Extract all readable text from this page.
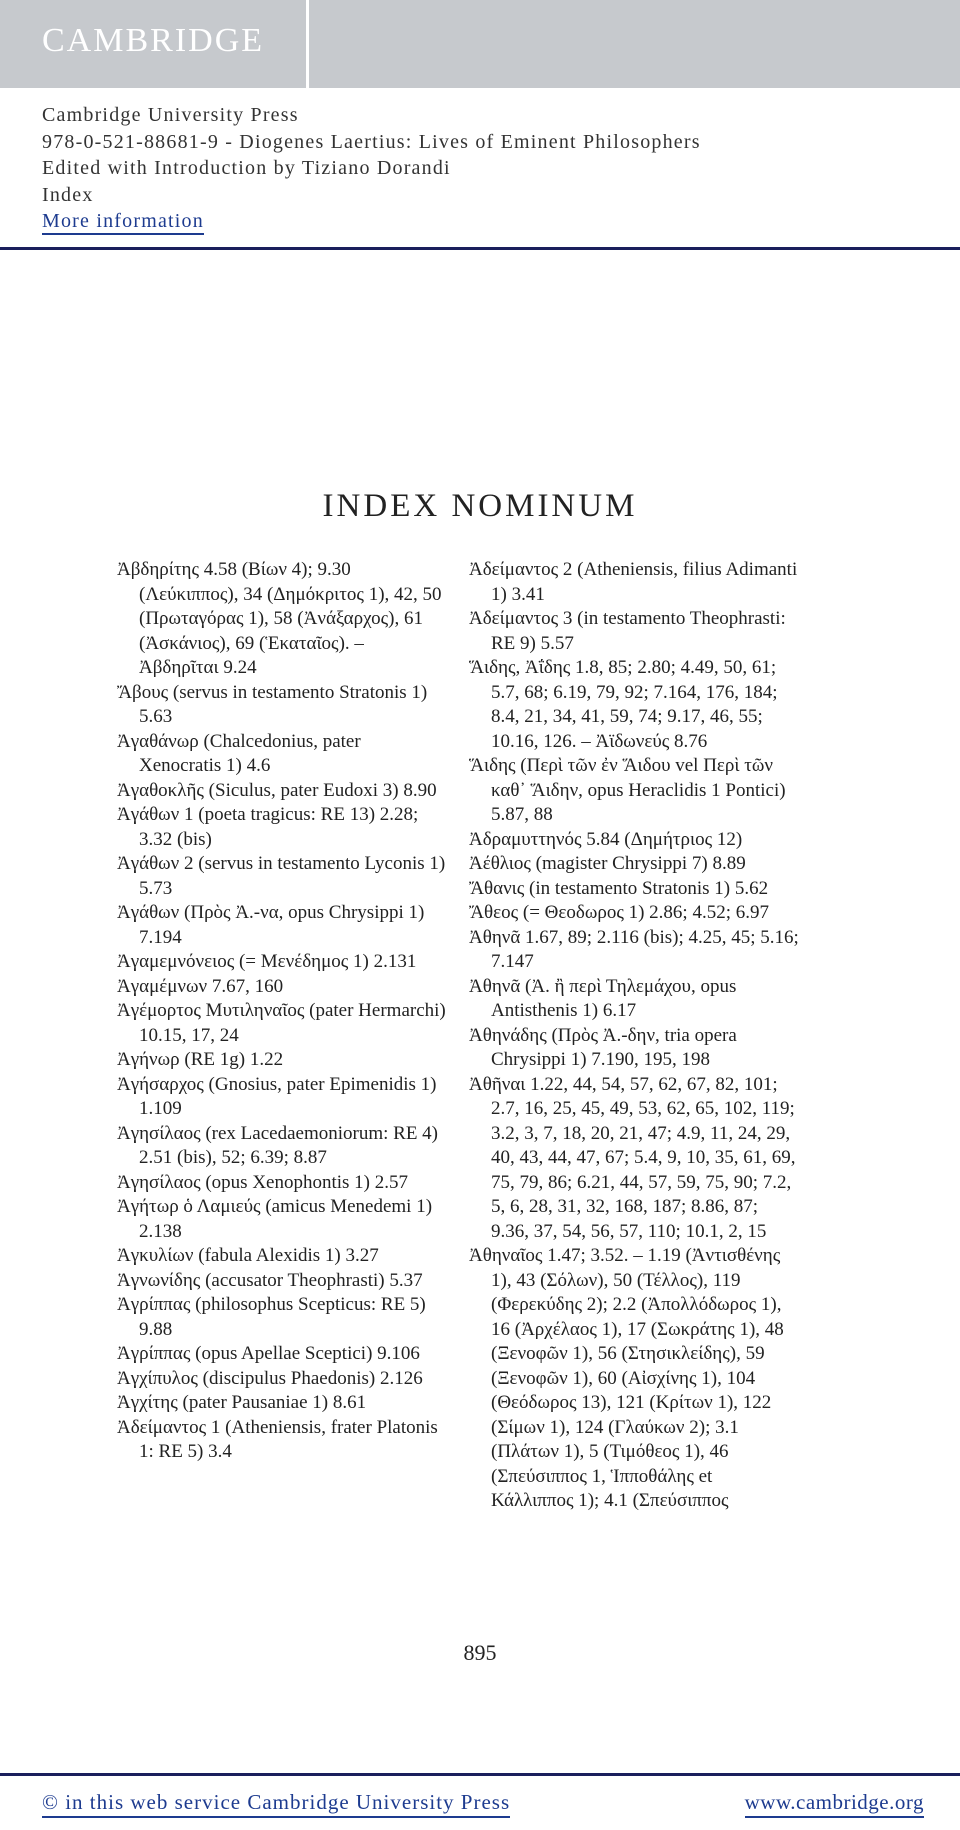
CAMBRIDGE
Cambridge University Press
978-0-521-88681-9 - Diogenes Laertius: Lives of Eminent Philosophers
Edited with Introduction by Tiziano Dorandi
Index
More information
INDEX NOMINUM
Ἀβδηρίτης 4.58 (Βίων 4); 9.30 (Λεύκιππος), 34 (Δημόκριτος 1), 42, 50 (Πρωταγόρας 1), 58 (Ἀνάξαρχος), 61 (Ἀσκάνιος), 69 (Ἑκαταῖος). – Ἀβδηρῖται 9.24
Ἄβους (servus in testamento Stratonis 1) 5.63
Ἀγαθάνωρ (Chalcedonius, pater Xenocratis 1) 4.6
Ἀγαθοκλῆς (Siculus, pater Eudoxi 3) 8.90
Ἀγάθων 1 (poeta tragicus: RE 13) 2.28; 3.32 (bis)
Ἀγάθων 2 (servus in testamento Lyconis 1) 5.73
Ἀγάθων (Πρὸς Ἀ.-να, opus Chrysippi 1) 7.194
Ἀγαμεμνόνειος (= Μενέδημος 1) 2.131
Ἀγαμέμνων 7.67, 160
Ἀγέμορτος Μυτιληναῖος (pater Hermarchi) 10.15, 17, 24
Ἀγήνωρ (RE 1g) 1.22
Ἀγήσαρχος (Gnosius, pater Epimenidis 1) 1.109
Ἀγησίλαος (rex Lacedaemoniorum: RE 4) 2.51 (bis), 52; 6.39; 8.87
Ἀγησίλαος (opus Xenophontis 1) 2.57
Ἀγήτωρ ὁ Λαμιεύς (amicus Menedemi 1) 2.138
Ἀγκυλίων (fabula Alexidis 1) 3.27
Ἁγνωνίδης (accusator Theophrasti) 5.37
Ἀγρίππας (philosophus Scepticus: RE 5) 9.88
Ἀγρίππας (opus Apellae Sceptici) 9.106
Ἀγχίπυλος (discipulus Phaedonis) 2.126
Ἀγχίτης (pater Pausaniae 1) 8.61
Ἀδείμαντος 1 (Atheniensis, frater Platonis 1: RE 5) 3.4
Ἀδείμαντος 2 (Atheniensis, filius Adimanti 1) 3.41
Ἀδείμαντος 3 (in testamento Theophrasti: RE 9) 5.57
Ἅιδης, Ἀΐδης 1.8, 85; 2.80; 4.49, 50, 61; 5.7, 68; 6.19, 79, 92; 7.164, 176, 184; 8.4, 21, 34, 41, 59, 74; 9.17, 46, 55; 10.16, 126. – Ἀϊδωνεύς 8.76
Ἅιδης (Περὶ τῶν ἐν Ἅιδου vel Περὶ τῶν καθ᾽ Ἅιδην, opus Heraclidis 1 Pontici) 5.87, 88
Ἀδραμυττηνός 5.84 (Δημήτριος 12)
Ἀέθλιος (magister Chrysippi 7) 8.89
Ἄθανις (in testamento Stratonis 1) 5.62
Ἄθεος (= Θεοδωρος 1) 2.86; 4.52; 6.97
Ἀθηνᾶ 1.67, 89; 2.116 (bis); 4.25, 45; 5.16; 7.147
Ἀθηνᾶ (Ἀ. ἢ περὶ Τηλεμάχου, opus Antisthenis 1) 6.17
Ἀθηνάδης (Πρὸς Ἀ.-δην, tria opera Chrysippi 1) 7.190, 195, 198
Ἀθῆναι 1.22, 44, 54, 57, 62, 67, 82, 101; 2.7, 16, 25, 45, 49, 53, 62, 65, 102, 119; 3.2, 3, 7, 18, 20, 21, 47; 4.9, 11, 24, 29, 40, 43, 44, 47, 67; 5.4, 9, 10, 35, 61, 69, 75, 79, 86; 6.21, 44, 57, 59, 75, 90; 7.2, 5, 6, 28, 31, 32, 168, 187; 8.86, 87; 9.36, 37, 54, 56, 57, 110; 10.1, 2, 15
Ἀθηναῖος 1.47; 3.52. – 1.19 (Ἀντισθένης 1), 43 (Σόλων), 50 (Τέλλος), 119 (Φερεκύδης 2); 2.2 (Ἀπολλόδωρος 1), 16 (Ἀρχέλαος 1), 17 (Σωκράτης 1), 48 (Ξενοφῶν 1), 56 (Στησικλείδης), 59 (Ξενοφῶν 1), 60 (Αἰσχίνης 1), 104 (Θεόδωρος 13), 121 (Κρίτων 1), 122 (Σίμων 1), 124 (Γλαύκων 2); 3.1 (Πλάτων 1), 5 (Τιμόθεος 1), 46 (Σπεύσιππος 1, Ἱπποθάλης et Κάλλιππος 1); 4.1 (Σπεύσιππος
895
© in this web service Cambridge University Press	www.cambridge.org
